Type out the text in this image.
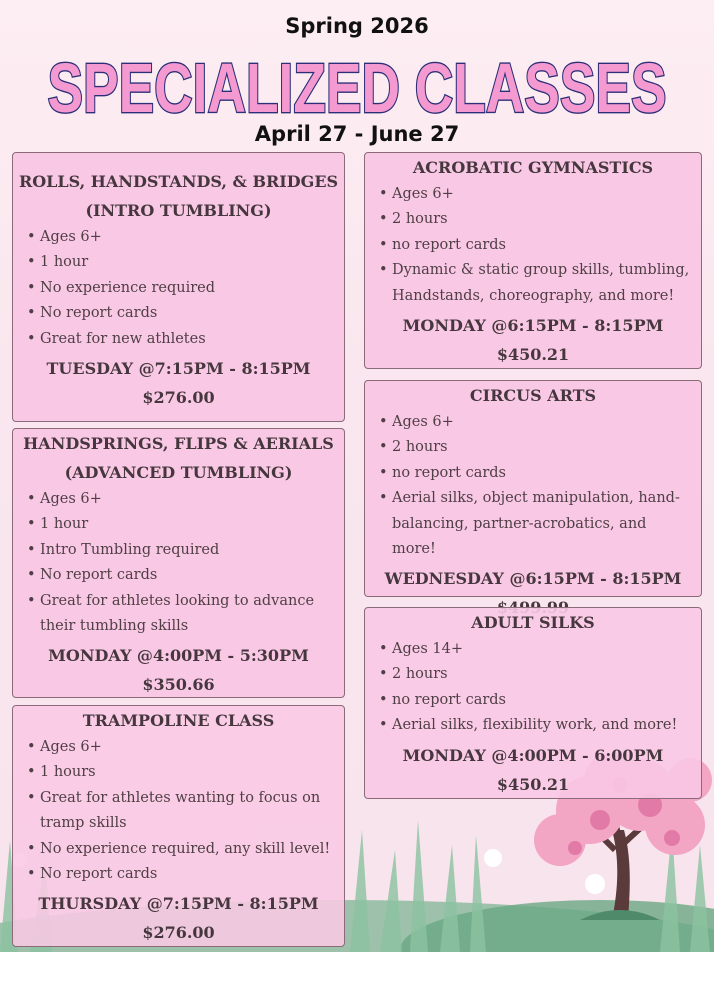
Spring 2026
SPECIALIZED CLASSES
April 27 - June 27
ROLLS, HANDSTANDS, & BRIDGES
(INTRO TUMBLING)
• Ages 6+
• 1 hour
• No experience required
• No report cards
• Great for new athletes
TUESDAY @7:15PM - 8:15PM
$276.00
HANDSPRINGS, FLIPS & AERIALS
(ADVANCED TUMBLING)
• Ages 6+
• 1 hour
• Intro Tumbling required
• No report cards
• Great for athletes looking to advance
their tumbling skills
MONDAY @4:00PM - 5:30PM
$350.66
TRAMPOLINE CLASS
• Ages 6+
• 1 hours
• Great for athletes wanting to focus on
tramp skills
• No experience required, any skill level!
• No report cards
THURSDAY @7:15PM - 8:15PM
$276.00
ACROBATIC GYMNASTICS
• Ages 6+
• 2 hours
• no report cards
• Dynamic & static group skills, tumbling,
Handstands, choreography, and more!
MONDAY @6:15PM - 8:15PM
$450.21
CIRCUS ARTS
• Ages 6+
• 2 hours
• no report cards
• Aerial silks, object manipulation, hand-
balancing, partner-acrobatics, and more!
WEDNESDAY @6:15PM - 8:15PM
ADULT SILKS
• Ages 14+
• 2 hours
• no report cards
• Aerial silks, flexibility work, and more!
MONDAY @4:00PM - 6:00PM
$450.21
